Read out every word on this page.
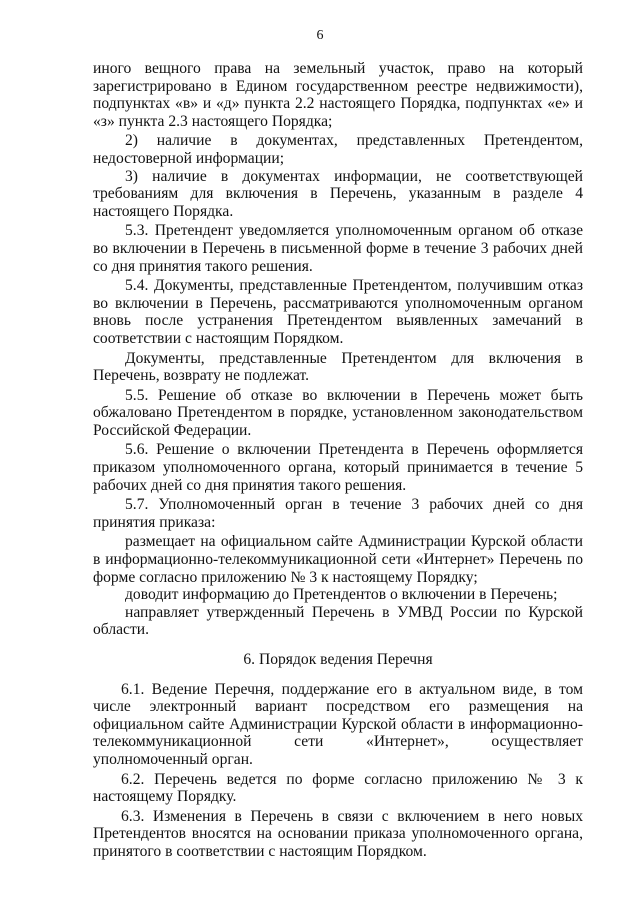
6

иного вещного права на земельный участок, право на который зарегистрировано в Едином государственном реестре недвижимости), подпунктах «в» и «д» пункта 2.2 настоящего Порядка, подпунктах «е» и «з» пункта 2.3 настоящего Порядка;

2) наличие в документах, представленных Претендентом, недостоверной информации;

3) наличие в документах информации, не соответствующей требованиям для включения в Перечень, указанным в разделе 4 настоящего Порядка.

5.3. Претендент уведомляется уполномоченным органом об отказе во включении в Перечень в письменной форме в течение 3 рабочих дней со дня принятия такого решения.

5.4. Документы, представленные Претендентом, получившим отказ во включении в Перечень, рассматриваются уполномоченным органом вновь после устранения Претендентом выявленных замечаний в соответствии с настоящим Порядком.

Документы, представленные Претендентом для включения в Перечень, возврату не подлежат.

5.5. Решение об отказе во включении в Перечень может быть обжаловано Претендентом в порядке, установленном законодательством Российской Федерации.

5.6. Решение о включении Претендента в Перечень оформляется приказом уполномоченного органа, который принимается в течение 5 рабочих дней со дня принятия такого решения.

5.7. Уполномоченный орган в течение 3 рабочих дней со дня принятия приказа:

размещает на официальном сайте Администрации Курской области в информационно-телекоммуникационной сети «Интернет» Перечень по форме согласно приложению № 3 к настоящему Порядку;

доводит информацию до Претендентов о включении в Перечень;

направляет утвержденный Перечень в УМВД России по Курской области.

6. Порядок ведения Перечня

6.1. Ведение Перечня, поддержание его в актуальном виде, в том числе электронный вариант посредством его размещения на официальном сайте Администрации Курской области в информационно-телекоммуникационной сети «Интернет», осуществляет уполномоченный орган.

6.2. Перечень ведется по форме согласно приложению № 3 к настоящему Порядку.

6.3. Изменения в Перечень в связи с включением в него новых Претендентов вносятся на основании приказа уполномоченного органа, принятого в соответствии с настоящим Порядком.
